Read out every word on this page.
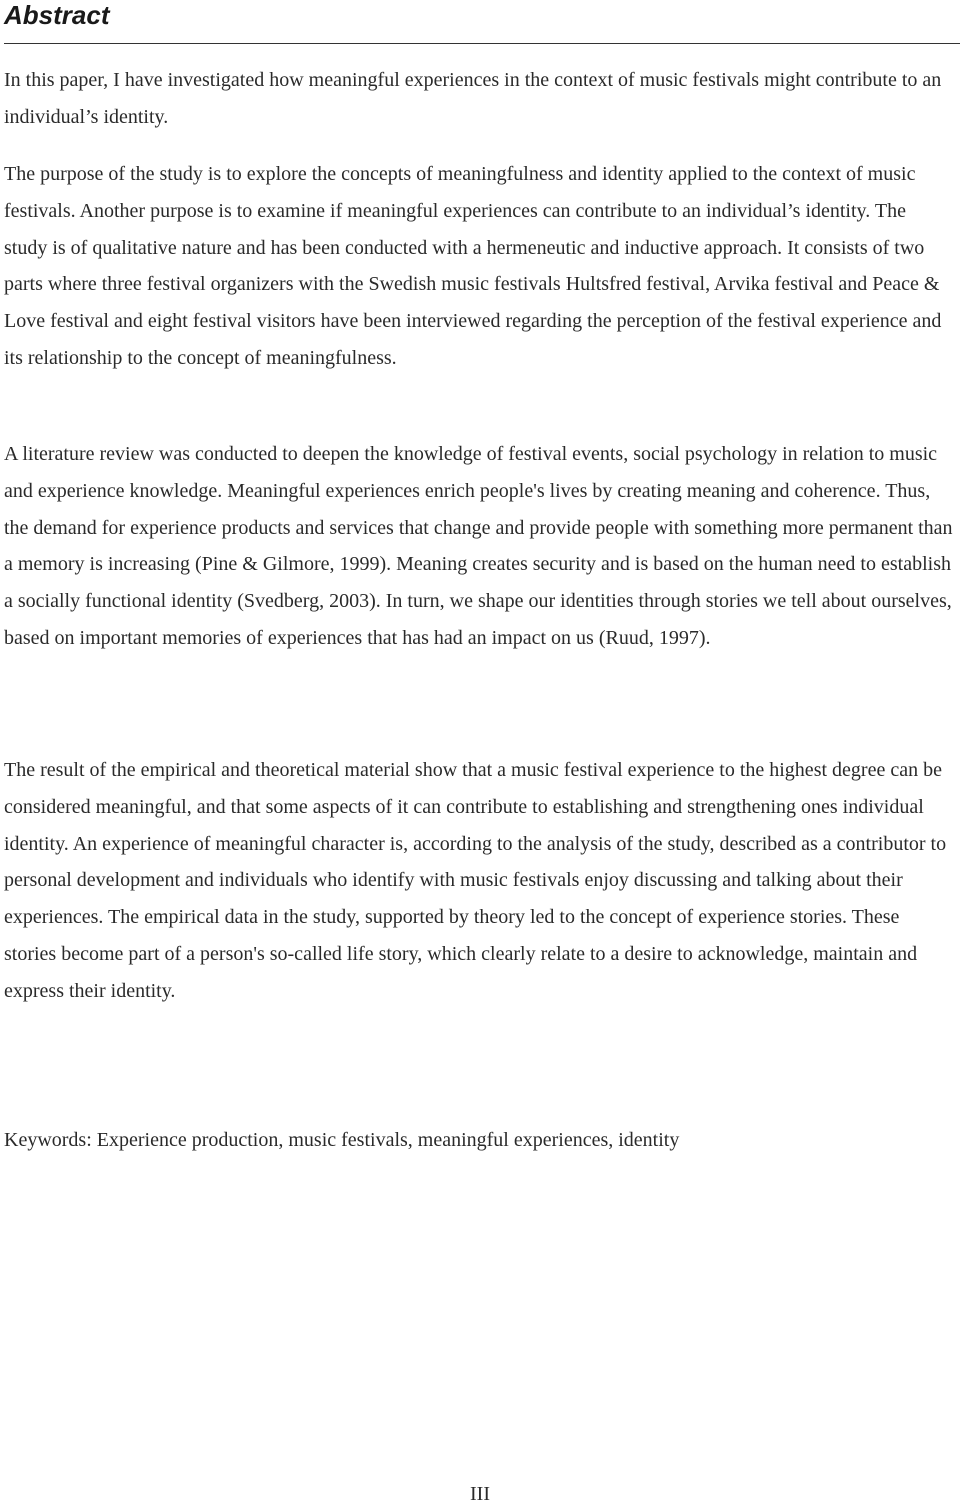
Abstract

In this paper, I have investigated how meaningful experiences in the context of music festivals might contribute to an individual’s identity.

The purpose of the study is to explore the concepts of meaningfulness and identity applied to the context of music festivals. Another purpose is to examine if meaningful experiences can contribute to an individual’s identity. The study is of qualitative nature and has been conducted with a hermeneutic and inductive approach. It consists of two parts where three festival organizers with the Swedish music festivals Hultsfred festival, Arvika festival and Peace & Love festival and eight festival visitors have been interviewed regarding the perception of the festival experience and its relationship to the concept of meaningfulness.

A literature review was conducted to deepen the knowledge of festival events, social psychology in relation to music and experience knowledge. Meaningful experiences enrich people's lives by creating meaning and coherence. Thus, the demand for experience products and services that change and provide people with something more permanent than a memory is increasing (Pine & Gilmore, 1999). Meaning creates security and is based on the human need to establish a socially functional identity (Svedberg, 2003). In turn, we shape our identities through stories we tell about ourselves, based on important memories of experiences that has had an impact on us (Ruud, 1997).

The result of the empirical and theoretical material show that a music festival experience to the highest degree can be considered meaningful, and that some aspects of it can contribute to establishing and strengthening ones individual identity. An experience of meaningful character is, according to the analysis of the study, described as a contributor to personal development and individuals who identify with music festivals enjoy discussing and talking about their experiences. The empirical data in the study, supported by theory led to the concept of experience stories. These stories become part of a person's so-called life story, which clearly relate to a desire to acknowledge, maintain and express their identity.

Keywords: Experience production, music festivals, meaningful experiences, identity

III
